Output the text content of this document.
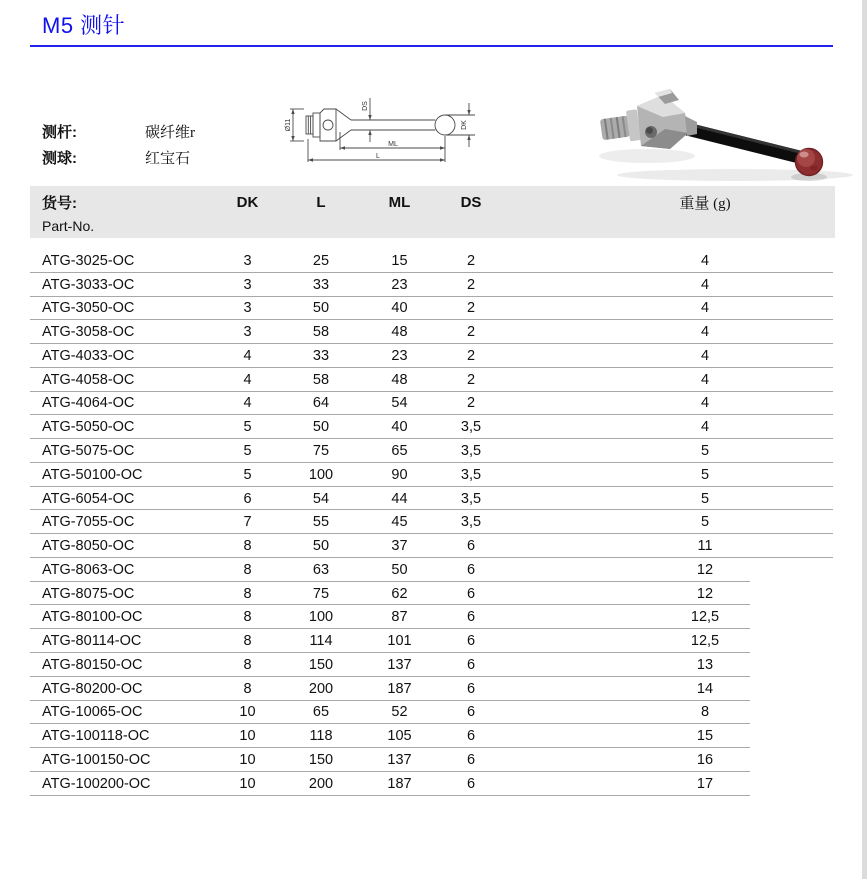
M5 测针
测杆:	碳纤维r
测球:	红宝石
Ø11
DS
DK
ML
L
货号:	DK	L	ML	DS	重量 (g)
Part-No.
ATG-3025-OC	3	25	15	2	4
ATG-3033-OC	3	33	23	2	4
ATG-3050-OC	3	50	40	2	4
ATG-3058-OC	3	58	48	2	4
ATG-4033-OC	4	33	23	2	4
ATG-4058-OC	4	58	48	2	4
ATG-4064-OC	4	64	54	2	4
ATG-5050-OC	5	50	40	3,5	4
ATG-5075-OC	5	75	65	3,5	5
ATG-50100-OC	5	100	90	3,5	5
ATG-6054-OC	6	54	44	3,5	5
ATG-7055-OC	7	55	45	3,5	5
ATG-8050-OC	8	50	37	6	11
ATG-8063-OC	8	63	50	6	12
ATG-8075-OC	8	75	62	6	12
ATG-80100-OC	8	100	87	6	12,5
ATG-80114-OC	8	114	101	6	12,5
ATG-80150-OC	8	150	137	6	13
ATG-80200-OC	8	200	187	6	14
ATG-10065-OC	10	65	52	6	8
ATG-100118-OC	10	118	105	6	15
ATG-100150-OC	10	150	137	6	16
ATG-100200-OC	10	200	187	6	17
